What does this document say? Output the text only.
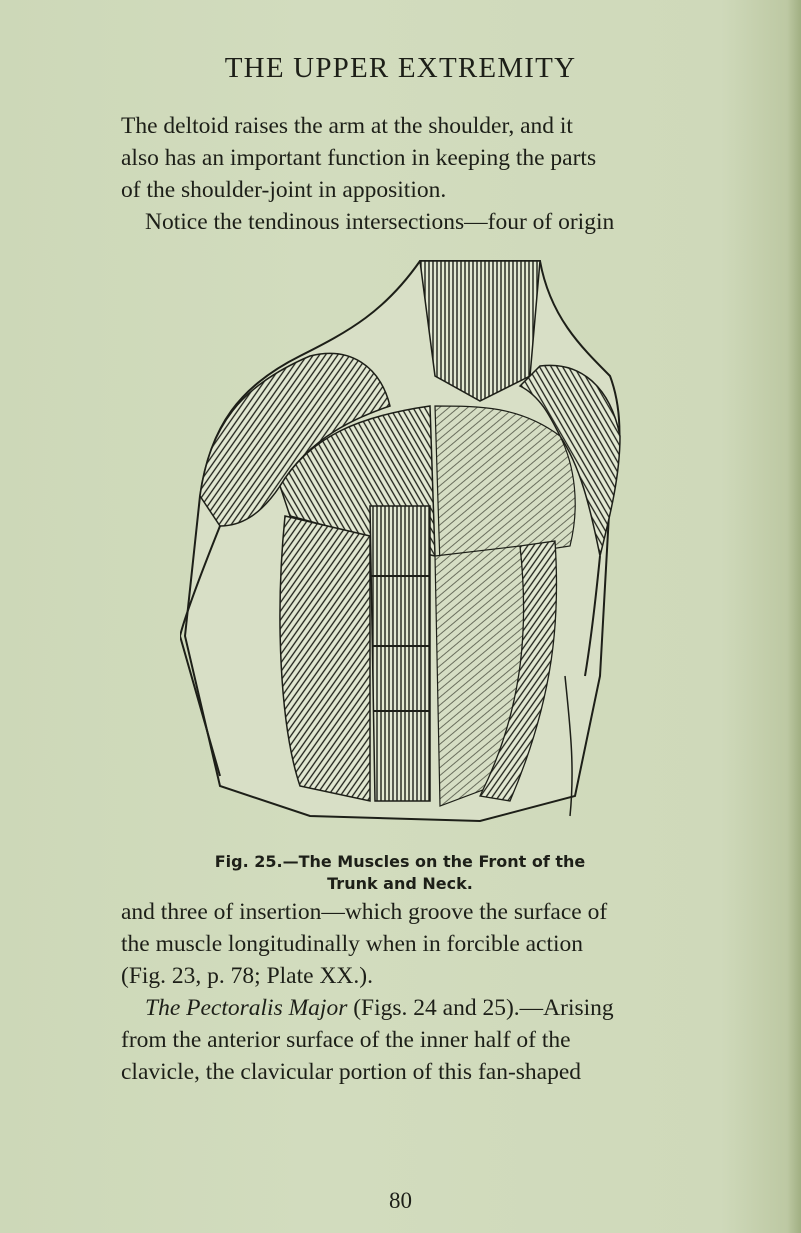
THE UPPER EXTREMITY

The deltoid raises the arm at the shoulder, and it
also has an important function in keeping the parts
of the shoulder-joint in apposition.
Notice the tendinous intersections—four of origin

Fig. 25.—The Muscles on the Front of the
Trunk and Neck.

and three of insertion—which groove the surface of
the muscle longitudinally when in forcible action
(Fig. 23, p. 78; Plate XX.).
The Pectoralis Major (Figs. 24 and 25).—Arising
from the anterior surface of the inner half of the
clavicle, the clavicular portion of this fan-shaped

80
